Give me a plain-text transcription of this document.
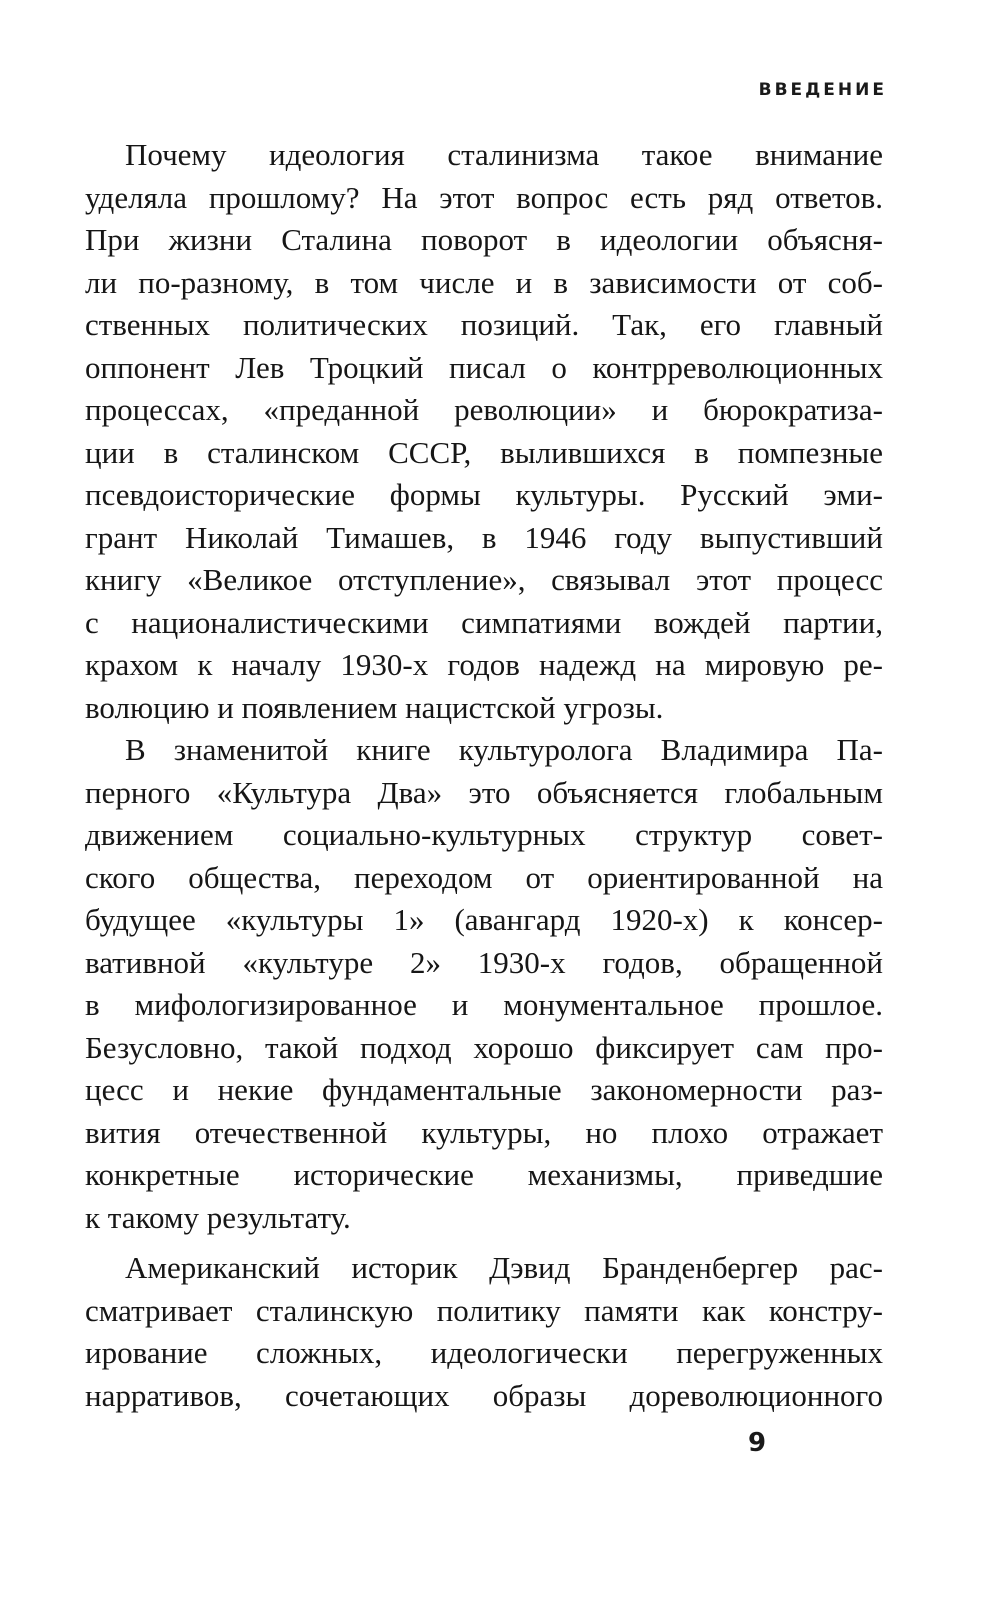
ВВЕДЕНИЕ
Почему идеология сталинизма такое внимание
уделяла прошлому? На этот вопрос есть ряд ответов.
При жизни Сталина поворот в идеологии объясня-
ли по-разному, в том числе и в зависимости от соб-
ственных политических позиций. Так, его главный
оппонент Лев Троцкий писал о контрреволюционных
процессах, «преданной революции» и бюрократиза-
ции в сталинском СССР, вылившихся в помпезные
псевдоисторические формы культуры. Русский эми-
грант Николай Тимашев, в 1946 году выпустивший
книгу «Великое отступление», связывал этот процесс
с националистическими симпатиями вождей партии,
крахом к началу 1930-х годов надежд на мировую ре-
волюцию и появлением нацистской угрозы.
В знаменитой книге культуролога Владимира Па-
перного «Культура Два» это объясняется глобальным
движением социально-культурных структур совет-
ского общества, переходом от ориентированной на
будущее «культуры 1» (авангард 1920-х) к консер-
вативной «культуре 2» 1930-х годов, обращенной
в мифологизированное и монументальное прошлое.
Безусловно, такой подход хорошо фиксирует сам про-
цесс и некие фундаментальные закономерности раз-
вития отечественной культуры, но плохо отражает
конкретные исторические механизмы, приведшие
к такому результату.
Американский историк Дэвид Бранденбергер рас-
сматривает сталинскую политику памяти как констру-
ирование сложных, идеологически перегруженных
нарративов, сочетающих образы дореволюционного
9
